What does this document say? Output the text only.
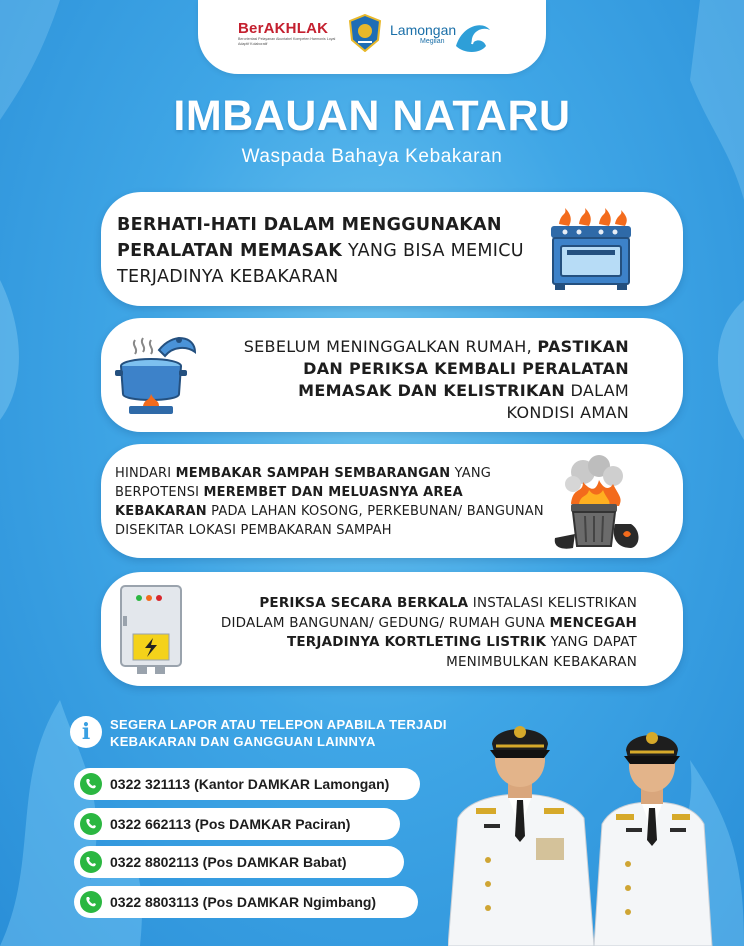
BerAKHLAK
Berorientasi Pelayanan Akuntabel Kompeten Harmonis Loyal Adaptif Kolaboratif
Lamongan
Megilan
IMBAUAN NATARU
Waspada Bahaya Kebakaran
BERHATI-HATI DALAM MENGGUNAKAN PERALATAN MEMASAK YANG BISA MEMICU TERJADINYA KEBAKARAN
SEBELUM MENINGGALKAN RUMAH, PASTIKAN DAN PERIKSA KEMBALI PERALATAN MEMASAK DAN KELISTRIKAN DALAM KONDISI AMAN
HINDARI MEMBAKAR SAMPAH SEMBARANGAN YANG BERPOTENSI MEREMBET DAN MELUASNYA AREA KEBAKARAN PADA LAHAN KOSONG, PERKEBUNAN/ BANGUNAN DISEKITAR LOKASI PEMBAKARAN SAMPAH
PERIKSA SECARA BERKALA INSTALASI KELISTRIKAN DIDALAM BANGUNAN/ GEDUNG/ RUMAH GUNA MENCEGAH TERJADINYA KORTLETING LISTRIK YANG DAPAT MENIMBULKAN KEBAKARAN
i	SEGERA LAPOR ATAU TELEPON APABILA TERJADI KEBAKARAN DAN GANGGUAN LAINNYA
0322 321113 (Kantor DAMKAR Lamongan)
0322 662113 (Pos DAMKAR Paciran)
0322 8802113 (Pos DAMKAR Babat)
0322 8803113 (Pos DAMKAR Ngimbang)
